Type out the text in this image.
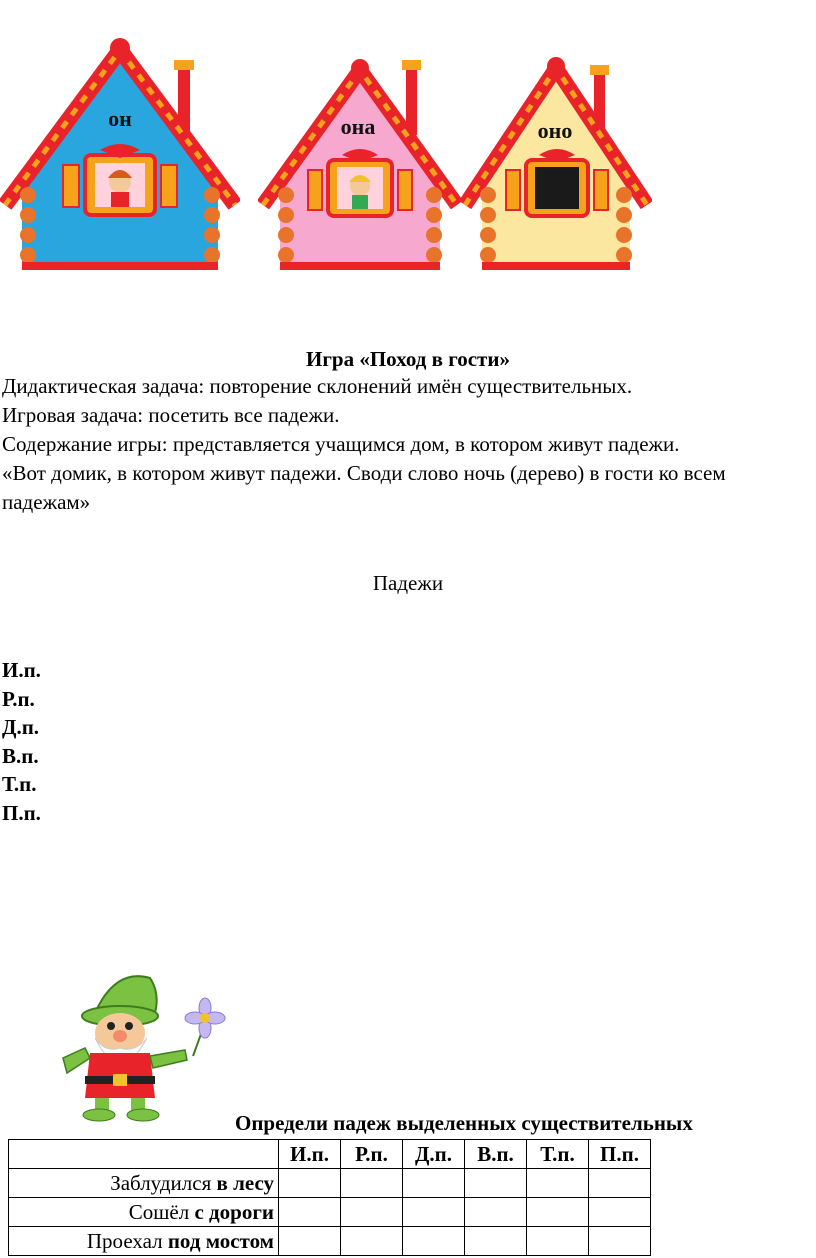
он	она	оно
Игра «Поход в гости»
Дидактическая задача: повторение склонений имён существительных.
Игровая задача: посетить все падежи.
Содержание игры: представляется учащимся дом, в котором живут падежи.
«Вот домик, в котором живут падежи. Своди слово ночь (дерево) в гости ко всем падежам»
Падежи
И.п.
Р.п.
Д.п.
В.п.
Т.п.
П.п.
Определи падеж выделенных существительных
	И.п.	Р.п.	Д.п.	В.п.	Т.п.	П.п.
Заблудился в лесу						
Сошёл с дороги						
Проехал под мостом						
